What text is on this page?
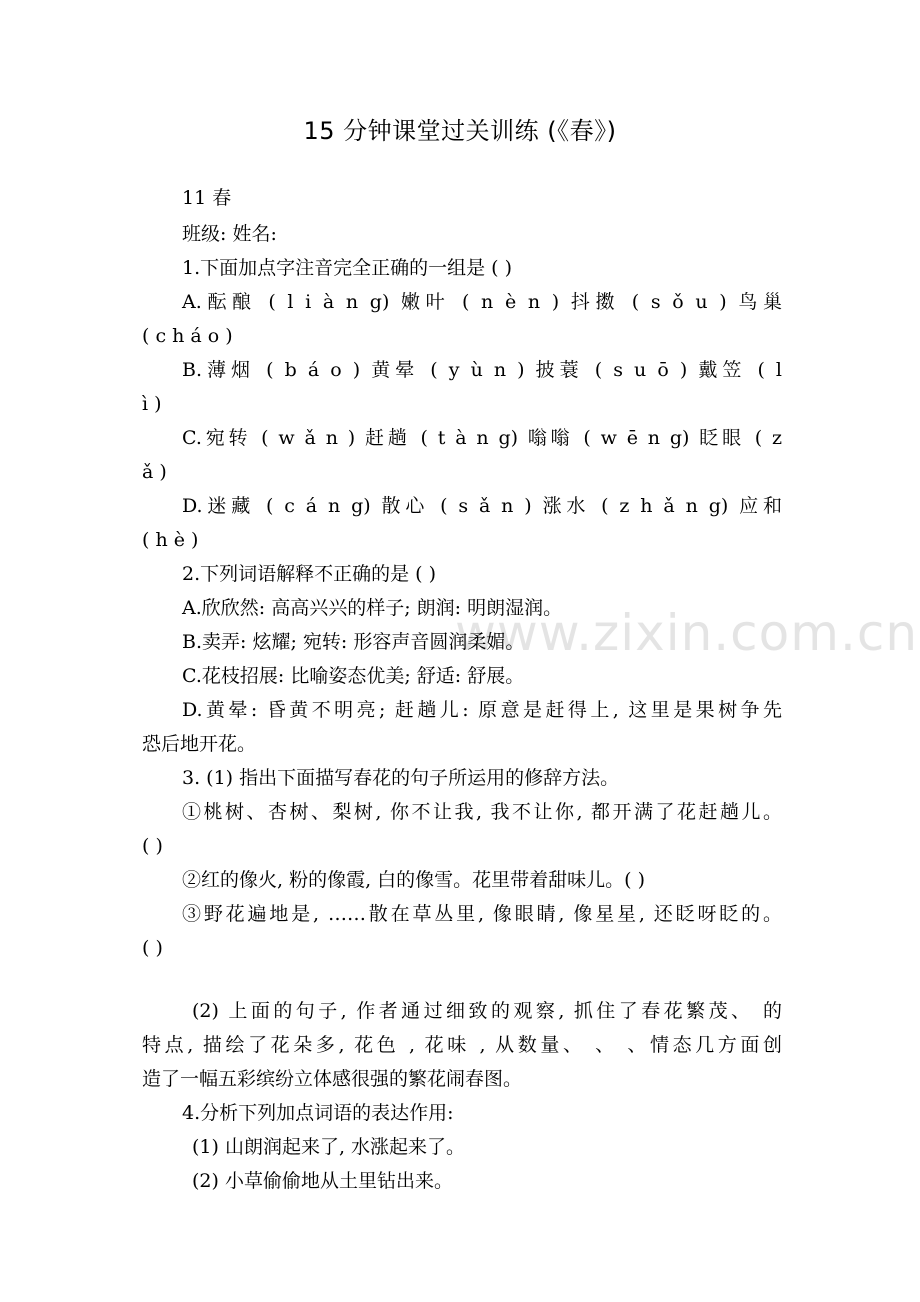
www.zixin.com.cn
15 分钟课堂过关训练 (《春》)
11 春
班级: 姓名:
1.下面加点字注音完全正确的一组是 ( )
A.酝酿 ( l i à n g) 嫩叶 ( n è n ) 抖擞 ( s ǒ u ) 鸟巢
( c h á o )
B.薄烟 ( b á o ) 黄晕 ( y ù n ) 披蓑 ( s u ō ) 戴笠 ( l
ì )
C.宛转 ( w ǎ n ) 赶趟 ( t à n g) 嗡嗡 ( w ē n g) 眨眼 ( z
ǎ )
D.迷藏 ( c á n g) 散心 ( s ǎ n ) 涨水 ( z h ǎ n g) 应和
( h è )
2.下列词语解释不正确的是 ( )
A.欣欣然: 高高兴兴的样子; 朗润: 明朗湿润。
B.卖弄: 炫耀; 宛转: 形容声音圆润柔媚。
C.花枝招展: 比喻姿态优美; 舒适: 舒展。
D.黄晕: 昏黄不明亮; 赶趟儿: 原意是赶得上, 这里是果树争先
恐后地开花。
3. (1) 指出下面描写春花的句子所运用的修辞方法。
①桃树、杏树、梨树, 你不让我, 我不让你, 都开满了花赶趟儿。
( )
②红的像火, 粉的像霞, 白的像雪。花里带着甜味儿。( )
③野花遍地是, ……散在草丛里, 像眼睛, 像星星, 还眨呀眨的。
( )
(2) 上面的句子, 作者通过细致的观察, 抓住了春花繁茂、 的
特点, 描绘了花朵多, 花色 , 花味 , 从数量、 、 、情态几方面创
造了一幅五彩缤纷立体感很强的繁花闹春图。
4.分析下列加点词语的表达作用:
(1) 山朗润起来了, 水涨起来了。
(2) 小草偷偷地从土里钻出来。
